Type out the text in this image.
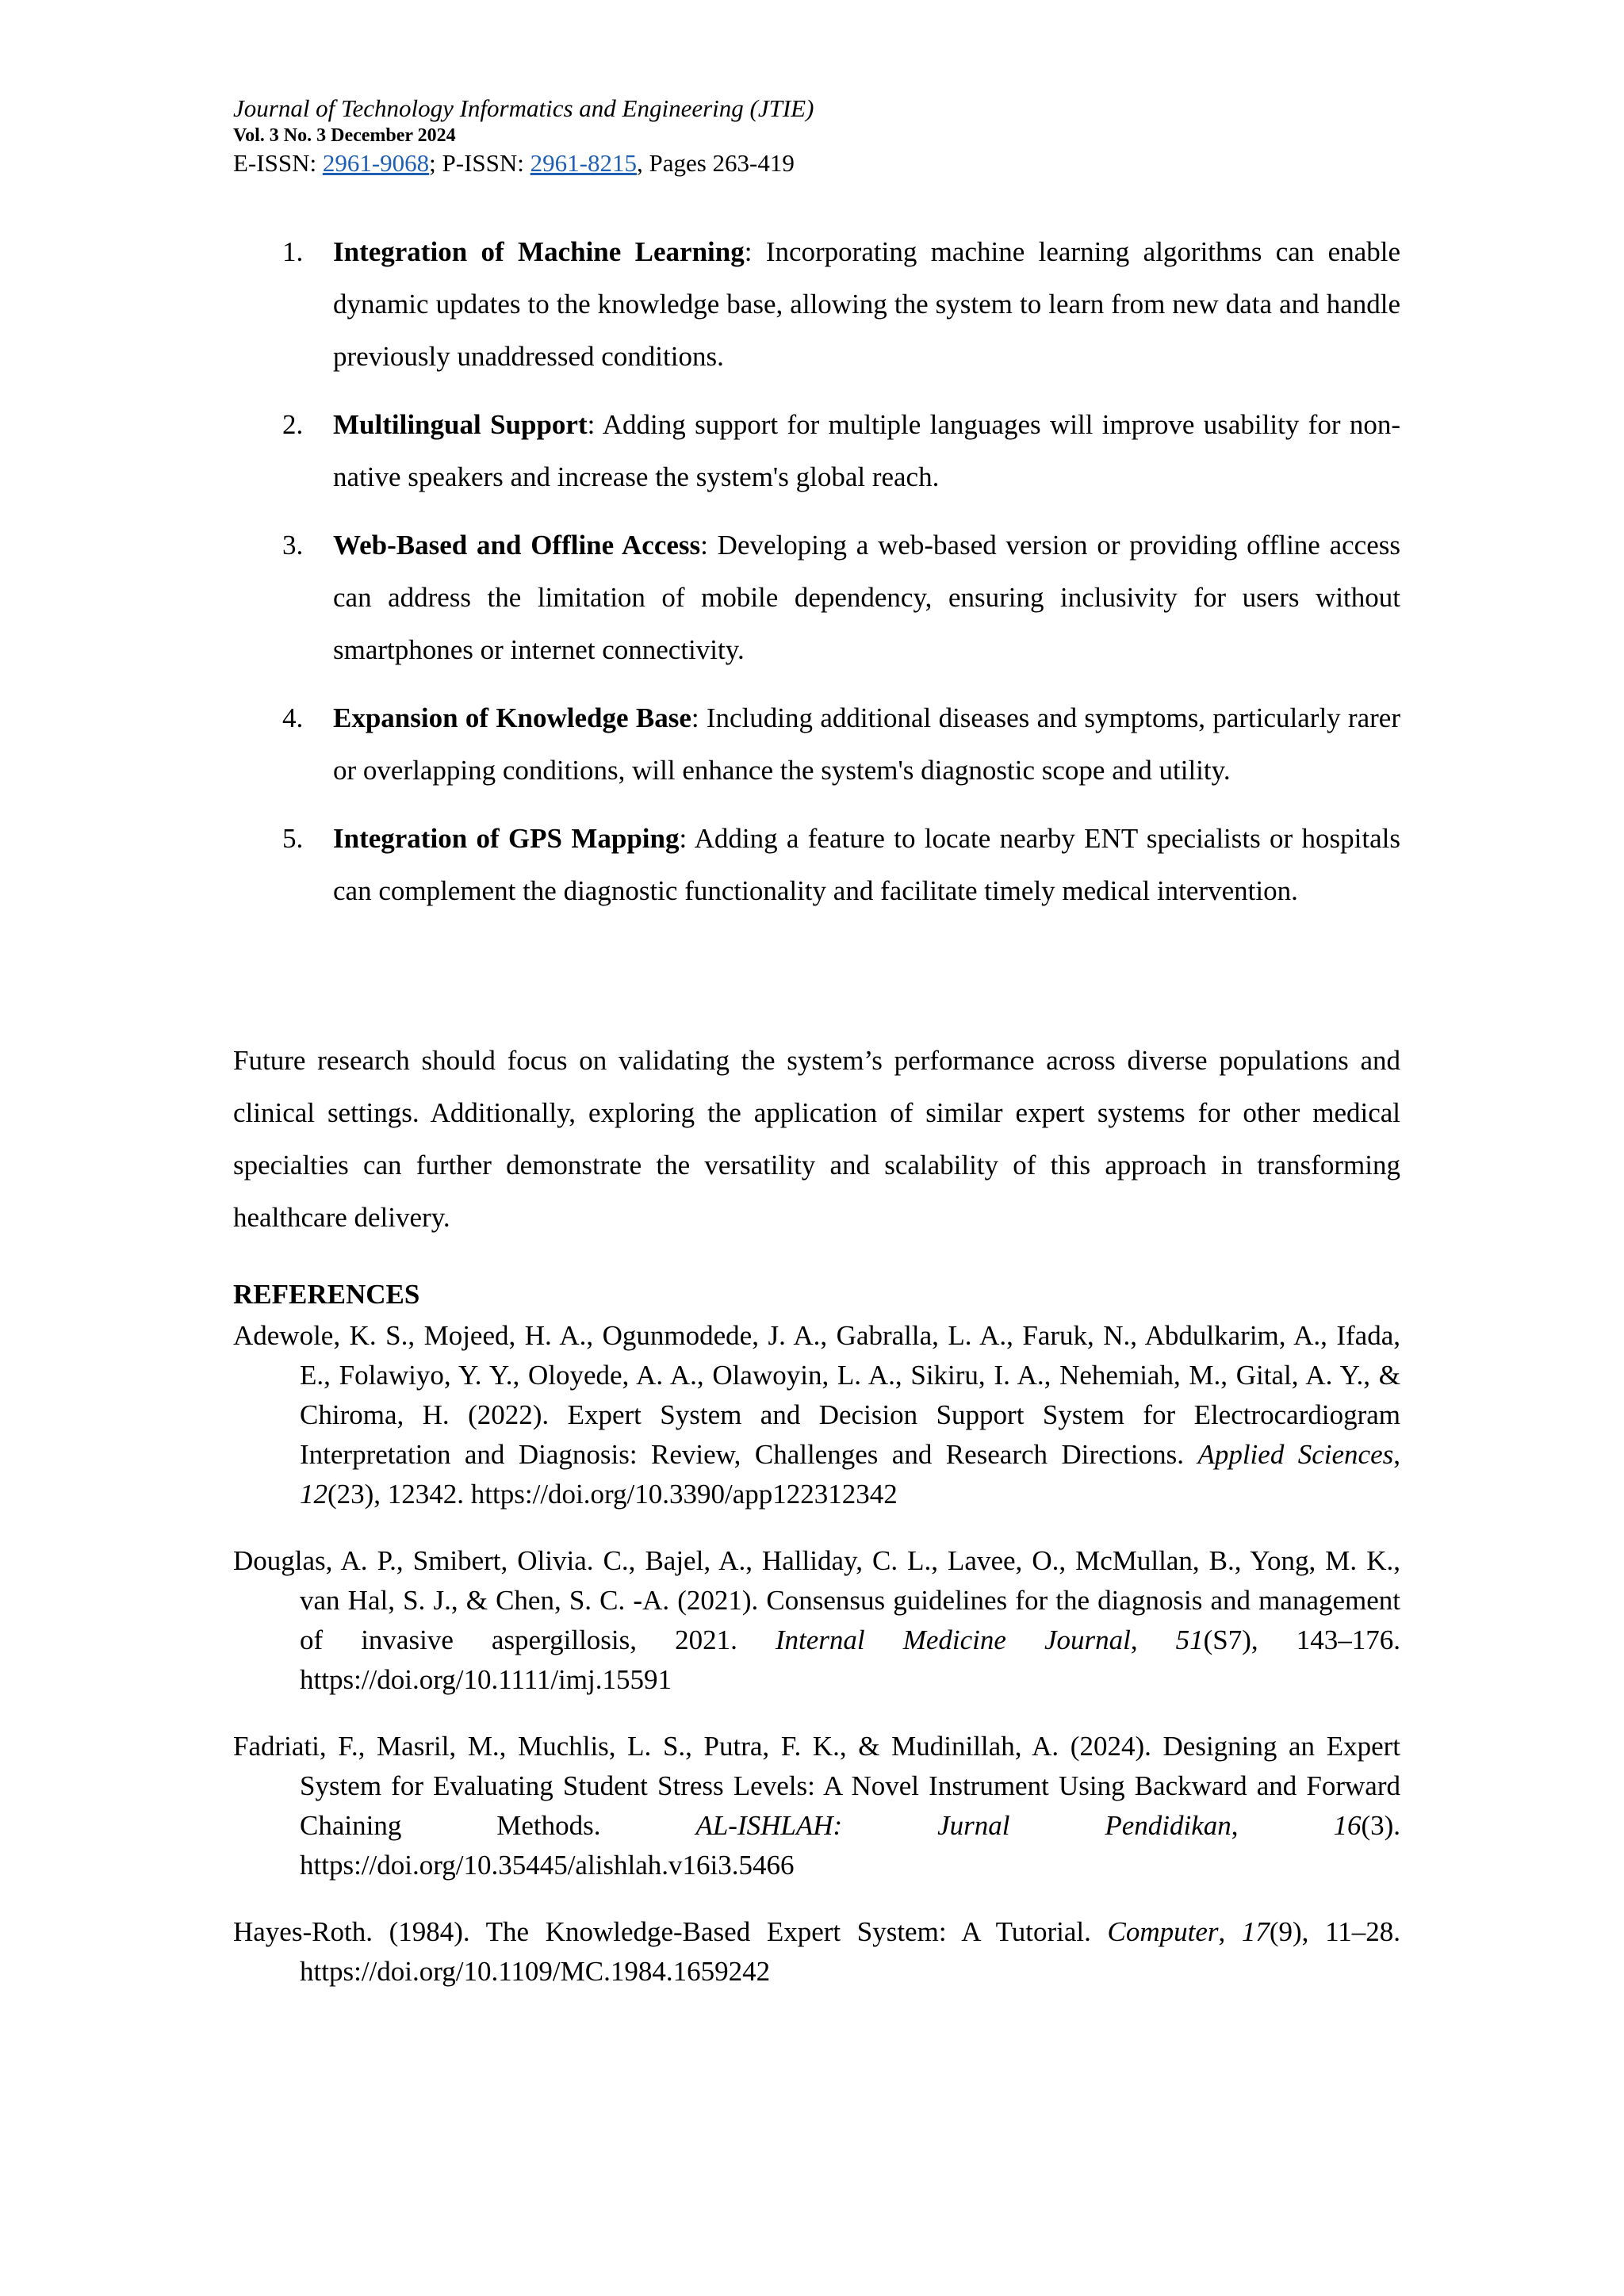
Journal of Technology Informatics and Engineering (JTIE)

Vol. 3 No. 3 December 2024

E-ISSN: 2961-9068; P-ISSN: 2961-8215, Pages 263-419

1. Integration of Machine Learning: Incorporating machine learning algorithms can enable dynamic updates to the knowledge base, allowing the system to learn from new data and handle previously unaddressed conditions.
2. Multilingual Support: Adding support for multiple languages will improve usability for non-native speakers and increase the system's global reach.
3. Web-Based and Offline Access: Developing a web-based version or providing offline access can address the limitation of mobile dependency, ensuring inclusivity for users without smartphones or internet connectivity.
4. Expansion of Knowledge Base: Including additional diseases and symptoms, particularly rarer or overlapping conditions, will enhance the system's diagnostic scope and utility.
5. Integration of GPS Mapping: Adding a feature to locate nearby ENT specialists or hospitals can complement the diagnostic functionality and facilitate timely medical intervention.

Future research should focus on validating the system’s performance across diverse populations and clinical settings. Additionally, exploring the application of similar expert systems for other medical specialties can further demonstrate the versatility and scalability of this approach in transforming healthcare delivery.

REFERENCES
Adewole, K. S., Mojeed, H. A., Ogunmodede, J. A., Gabralla, L. A., Faruk, N., Abdulkarim, A., Ifada, E., Folawiyo, Y. Y., Oloyede, A. A., Olawoyin, L. A., Sikiru, I. A., Nehemiah, M., Gital, A. Y., & Chiroma, H. (2022). Expert System and Decision Support System for Electrocardiogram Interpretation and Diagnosis: Review, Challenges and Research Directions. Applied Sciences, 12(23), 12342. https://doi.org/10.3390/app122312342
Douglas, A. P., Smibert, Olivia. C., Bajel, A., Halliday, C. L., Lavee, O., McMullan, B., Yong, M. K., van Hal, S. J., & Chen, S. C. -A. (2021). Consensus guidelines for the diagnosis and management of invasive aspergillosis, 2021. Internal Medicine Journal, 51(S7), 143–176. https://doi.org/10.1111/imj.15591
Fadriati, F., Masril, M., Muchlis, L. S., Putra, F. K., & Mudinillah, A. (2024). Designing an Expert System for Evaluating Student Stress Levels: A Novel Instrument Using Backward and Forward Chaining Methods. AL-ISHLAH: Jurnal Pendidikan, 16(3). https://doi.org/10.35445/alishlah.v16i3.5466
Hayes-Roth. (1984). The Knowledge-Based Expert System: A Tutorial. Computer, 17(9), 11–28. https://doi.org/10.1109/MC.1984.1659242
